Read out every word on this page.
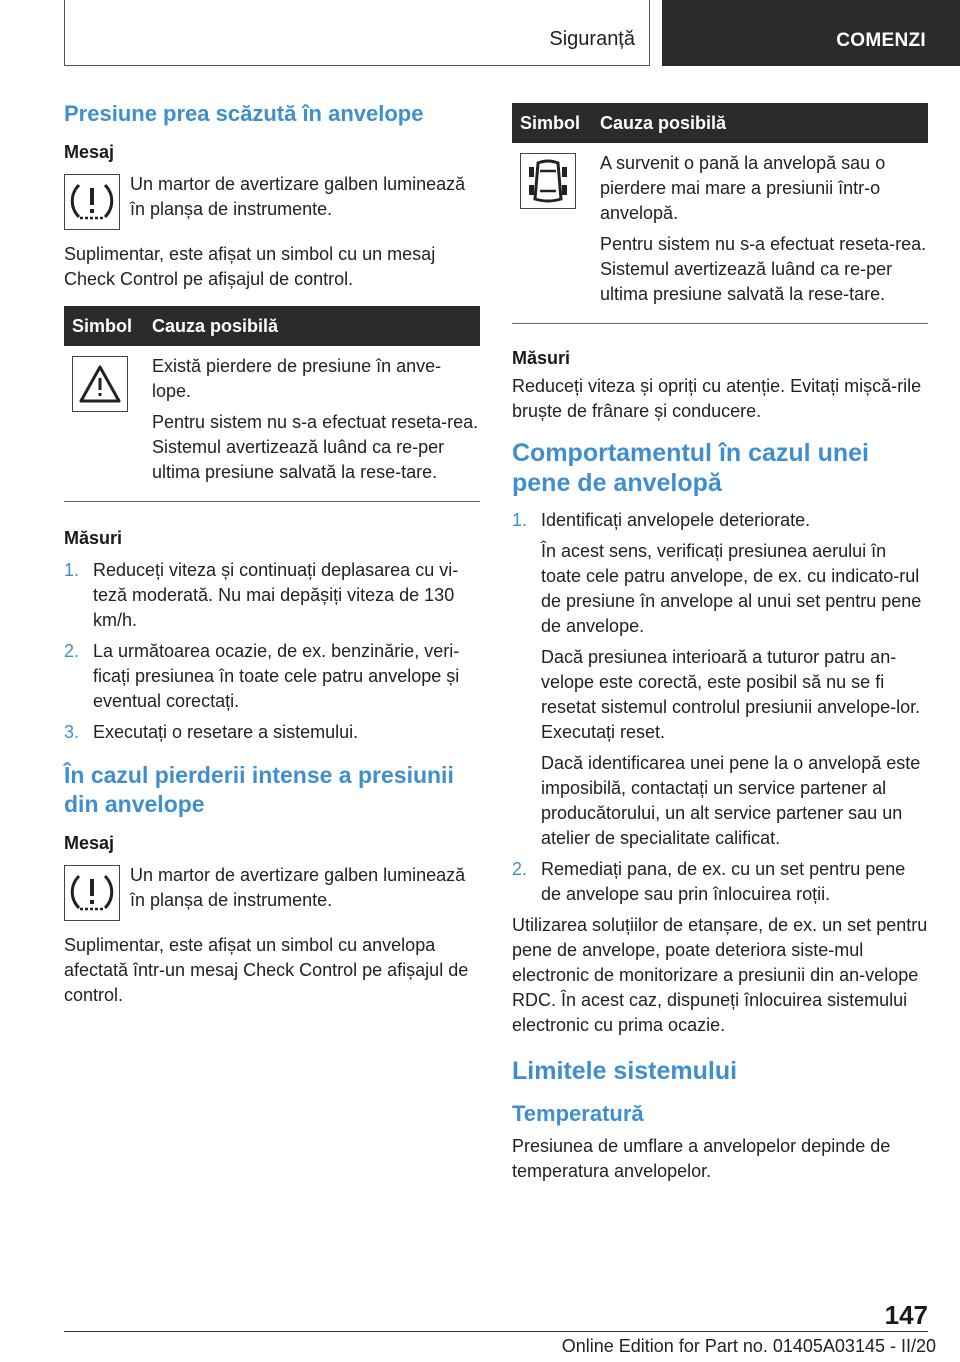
Siguranță	COMENZI
Presiune prea scăzută în anvelope
Mesaj
Un martor de avertizare galben luminează în planșa de instrumente.
Suplimentar, este afișat un simbol cu un mesaj Check Control pe afișajul de control.
Simbol	Cauza posibilă

Există pierdere de presiune în anve-lope.
Pentru sistem nu s-a efectuat reseta-rea. Sistemul avertizează luând ca re-per ultima presiune salvată la rese-tare.
Măsuri
1. Reduceți viteza și continuați deplasarea cu vi-teză moderată. Nu mai depășiți viteza de 130 km/h.
2. La următoarea ocazie, de ex. benzinărie, veri-ficați presiunea în toate cele patru anvelope și eventual corectați.
3. Executați o resetare a sistemului.
În cazul pierderii intense a presiunii din anvelope
Mesaj
Un martor de avertizare galben luminează în planșa de instrumente.
Suplimentar, este afișat un simbol cu anvelopa afectată într-un mesaj Check Control pe afișajul de control.
Simbol	Cauza posibilă

A survenit o pană la anvelopă sau o pierdere mai mare a presiunii într-o anvelopă.
Pentru sistem nu s-a efectuat reseta-rea. Sistemul avertizează luând ca re-per ultima presiune salvată la rese-tare.
Măsuri
Reduceți viteza și opriți cu atenție. Evitați mișcă-rile bruște de frânare și conducere.
Comportamentul în cazul unei pene de anvelopă
1. Identificați anvelopele deteriorate.
În acest sens, verificați presiunea aerului în toate cele patru anvelope, de ex. cu indicato-rul de presiune în anvelope al unui set pentru pene de anvelope.
Dacă presiunea interioară a tuturor patru an-velope este corectă, este posibil să nu se fi resetat sistemul controlul presiunii anvelope-lor. Executați reset.
Dacă identificarea unei pene la o anvelopă este imposibilă, contactați un service partener al producătorului, un alt service partener sau un atelier de specialitate calificat.
2. Remediați pana, de ex. cu un set pentru pene de anvelope sau prin înlocuirea roții.
Utilizarea soluțiilor de etanșare, de ex. un set pentru pene de anvelope, poate deteriora siste-mul electronic de monitorizare a presiunii din an-velope RDC. În acest caz, dispuneți înlocuirea sistemului electronic cu prima ocazie.
Limitele sistemului
Temperatură
Presiunea de umflare a anvelopelor depinde de temperatura anvelopelor.
147
Online Edition for Part no. 01405A03145 - II/20
